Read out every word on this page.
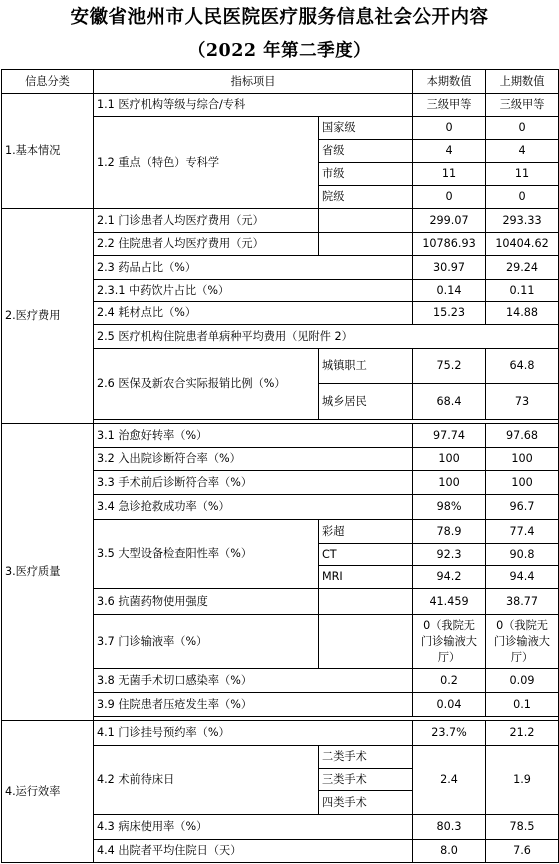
安徽省池州市人民医院医疗服务信息社会公开内容
（2022 年第二季度）
信息分类	指标项目		本期数值	上期数值
1.基本情况	1.1 医疗机构等级与综合/专科		三级甲等	三级甲等
	1.2 重点（特色）专科学	国家级	0	0
		省级	4	4
		市级	11	11
		院级	0	0
2.医疗费用	2.1 门诊患者人均医疗费用（元）		299.07	293.33
	2.2 住院患者人均医疗费用（元）		10786.93	10404.62
	2.3 药品占比（%）		30.97	29.24
	2.3.1 中药饮片占比（%）		0.14	0.11
	2.4 耗材点比（%）		15.23	14.88
	2.5 医疗机构住院患者单病种平均费用（见附件 2）			
	2.6 医保及新农合实际报销比例（%）	城镇职工	75.2	64.8
		城乡居民	68.4	73

3.医疗质量	3.1 治愈好转率（%）		97.74	97.68
	3.2 入出院诊断符合率（%）		100	100
	3.3 手术前后诊断符合率（%）		100	100
	3.4 急诊抢救成功率（%）		98%	96.7
	3.5 大型设备检查阳性率（%）	彩超	78.9	77.4
		CT	92.3	90.8
		MRI	94.2	94.4
	3.6 抗菌药物使用强度		41.459	38.77
	3.7 门诊输液率（%）		0（我院无门诊输液大厅）	0（我院无门诊输液大厅）
	3.8 无菌手术切口感染率（%）		0.2	0.09
	3.9 住院患者压疮发生率（%）		0.04	0.1

4.运行效率	4.1 门诊挂号预约率（%）		23.7%	21.2
	4.2 术前待床日	二类手术	2.4	1.9
		三类手术		
		四类手术		
	4.3 病床使用率（%）		80.3	78.5
	4.4 出院者平均住院日（天）		8.0	7.6
